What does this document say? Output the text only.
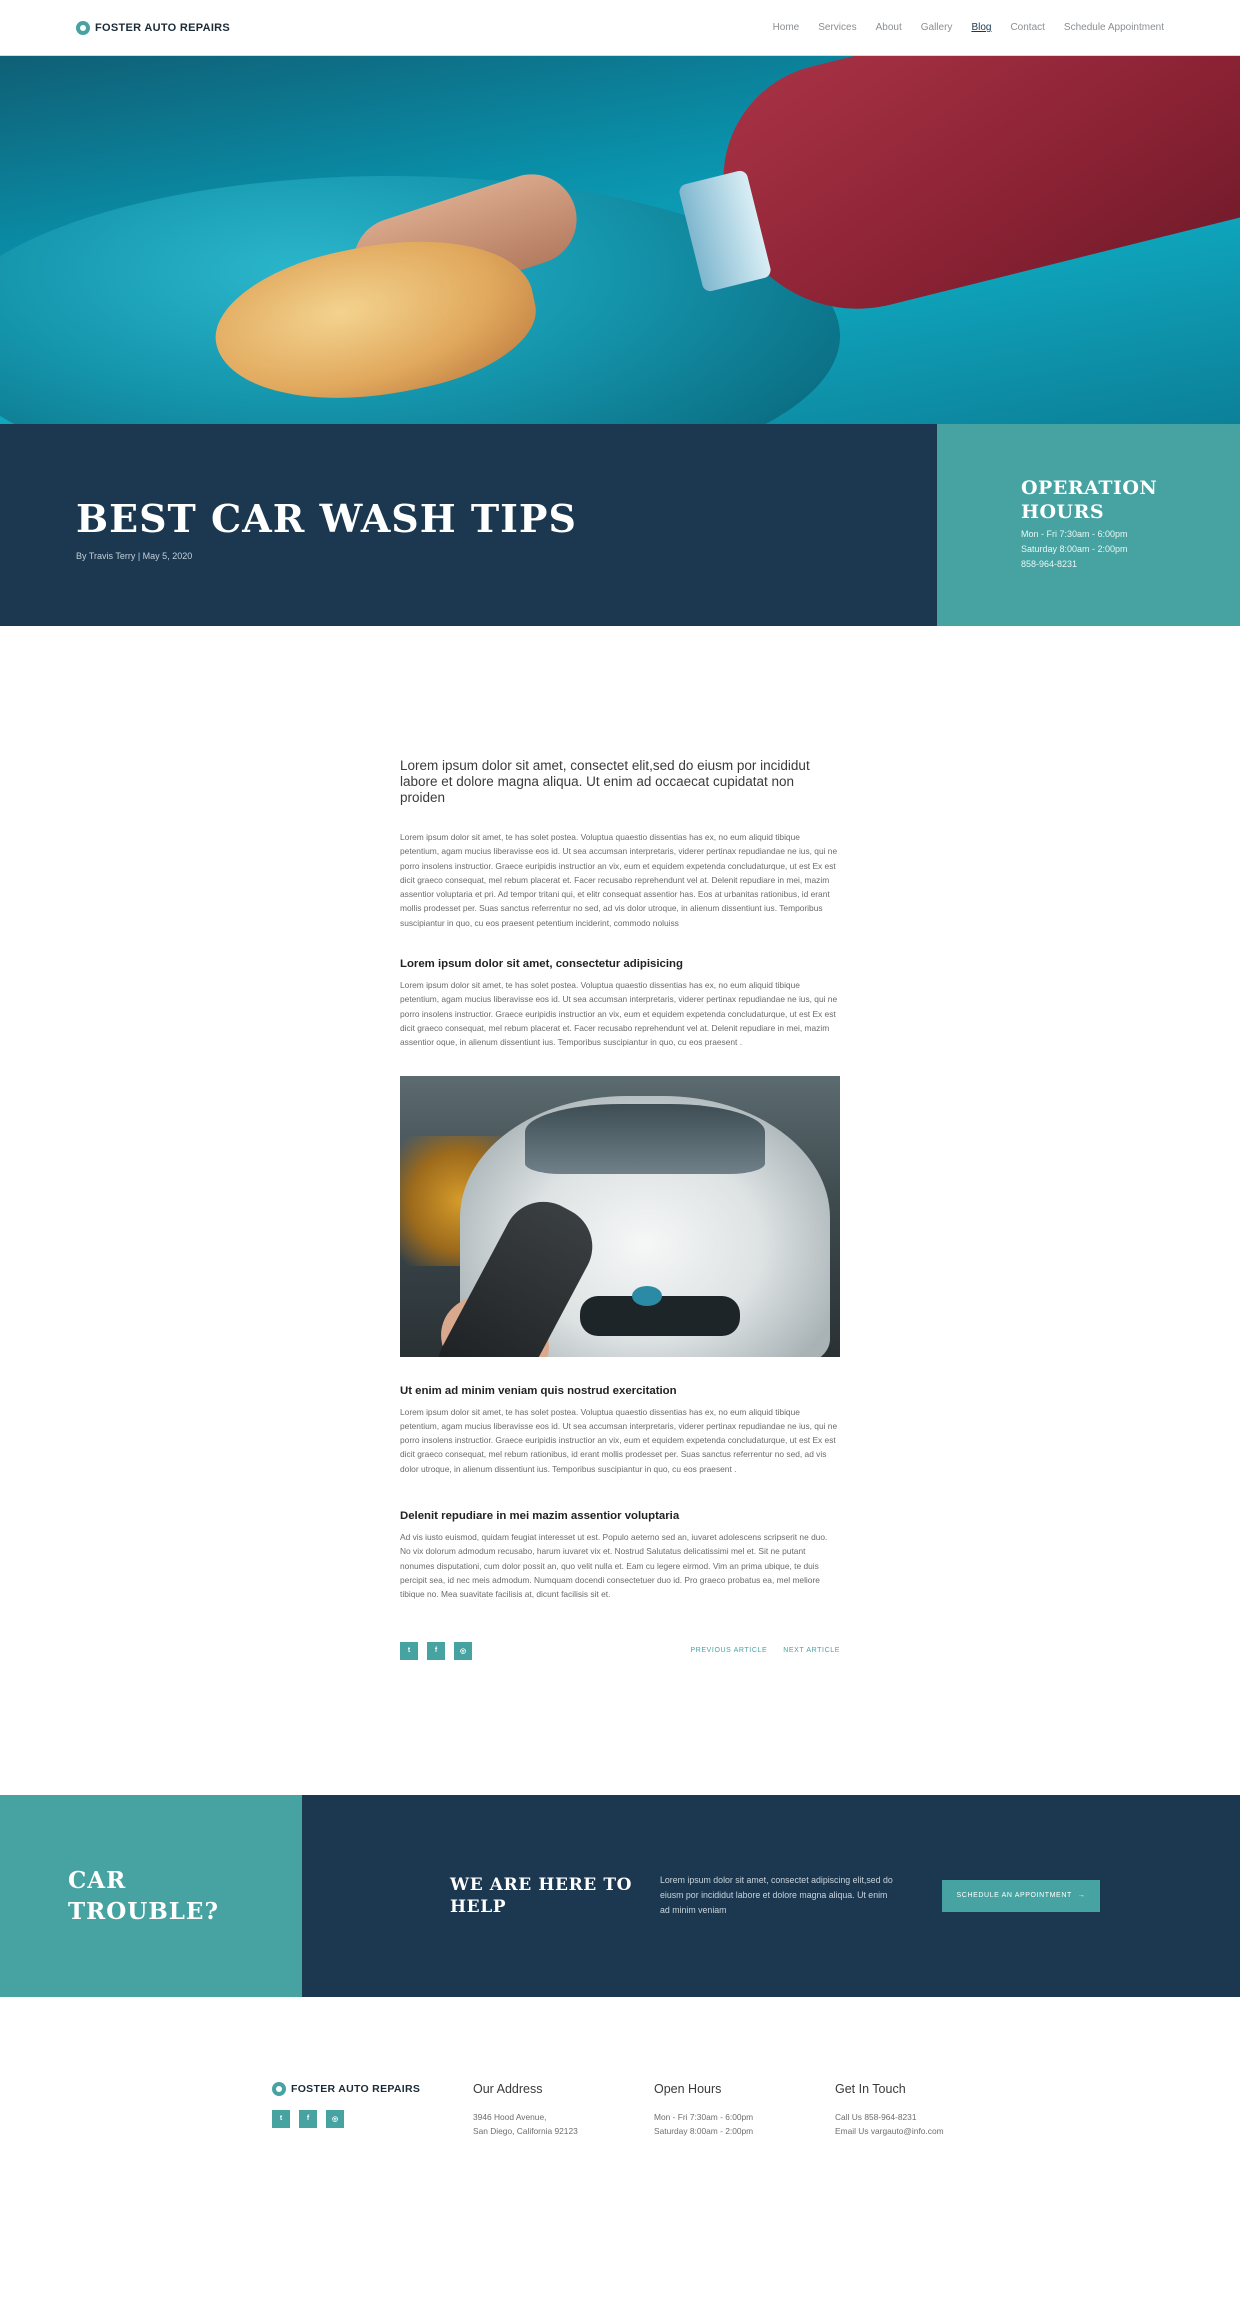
FOSTER AUTO REPAIRS	Home Services About Gallery Blog Contact Schedule Appointment
BEST CAR WASH TIPS
By Travis Terry | May 5, 2020
OPERATION HOURS
Mon - Fri 7:30am - 6:00pm
Saturday 8:00am - 2:00pm
858-964-8231

Lorem ipsum dolor sit amet, consectet elit,sed do eiusm por incididut labore et dolore magna aliqua. Ut enim ad occaecat cupidatat non proiden

Lorem ipsum dolor sit amet, te has solet postea. Voluptua quaestio dissentias has ex, no eum aliquid tibique petentium, agam mucius liberavisse eos id. Ut sea accumsan interpretaris, viderer pertinax repudiandae ne ius, qui ne porro insolens instructior. Graece euripidis instructior an vix, eum et equidem expetenda concludaturque, ut est Ex est dicit graeco consequat, mel rebum placerat et. Facer recusabo reprehendunt vel at. Delenit repudiare in mei, mazim assentior voluptaria et pri. Ad tempor tritani qui, et elitr consequat assentior has. Eos at urbanitas rationibus, id erant mollis prodesset per. Suas sanctus referrentur no sed, ad vis dolor utroque, in alienum dissentiunt ius. Temporibus suscipiantur in quo, cu eos praesent petentium inciderint, commodo noluiss

Lorem ipsum dolor sit amet, consectetur adipisicing

Lorem ipsum dolor sit amet, te has solet postea. Voluptua quaestio dissentias has ex, no eum aliquid tibique petentium, agam mucius liberavisse eos id. Ut sea accumsan interpretaris, viderer pertinax repudiandae ne ius, qui ne porro insolens instructior. Graece euripidis instructior an vix, eum et equidem expetenda concludaturque, ut est Ex est dicit graeco consequat, mel rebum placerat et. Facer recusabo reprehendunt vel at. Delenit repudiare in mei, mazim assentior oque, in alienum dissentiunt ius. Temporibus suscipiantur in quo, cu eos praesent .

Ut enim ad minim veniam quis nostrud exercitation

Lorem ipsum dolor sit amet, te has solet postea. Voluptua quaestio dissentias has ex, no eum aliquid tibique petentium, agam mucius liberavisse eos id. Ut sea accumsan interpretaris, viderer pertinax repudiandae ne ius, qui ne porro insolens instructior. Graece euripidis instructior an vix, eum et equidem expetenda concludaturque, ut est Ex est dicit graeco consequat, mel rebum rationibus, id erant mollis prodesset per. Suas sanctus referrentur no sed, ad vis dolor utroque, in alienum dissentiunt ius. Temporibus suscipiantur in quo, cu eos praesent .

Delenit repudiare in mei mazim assentior voluptaria

Ad vis iusto euismod, quidam feugiat interesset ut est. Populo aeterno sed an, iuvaret adolescens scripserit ne duo. No vix dolorum admodum recusabo, harum iuvaret vix et. Nostrud Salutatus delicatissimi mel et. Sit ne putant nonumes disputationi, cum dolor possit an, quo velit nulla et. Eam cu legere eirmod. Vim an prima ubique, te duis percipit sea, id nec meis admodum. Numquam docendi consectetuer duo id. Pro graeco probatus ea, mel meliore tibique no. Mea suavitate facilisis at, dicunt facilisis sit et.

t	f	◎	PREVIOUS ARTICLE NEXT ARTICLE
CAR TROUBLE?
WE ARE HERE TO HELP

Lorem ipsum dolor sit amet, consectet adipiscing elit,sed do eiusm por incididut labore et dolore magna aliqua. Ut enim ad minim veniam

SCHEDULE AN APPOINTMENT →
FOSTER AUTO REPAIRS
t	f	◎
Our Address

3946 Hood Avenue,
San Diego, California 92123

Open Hours

Mon - Fri 7:30am - 6:00pm
Saturday 8:00am - 2:00pm

Get In Touch

Call Us 858-964-8231
Email Us vargauto@info.com
